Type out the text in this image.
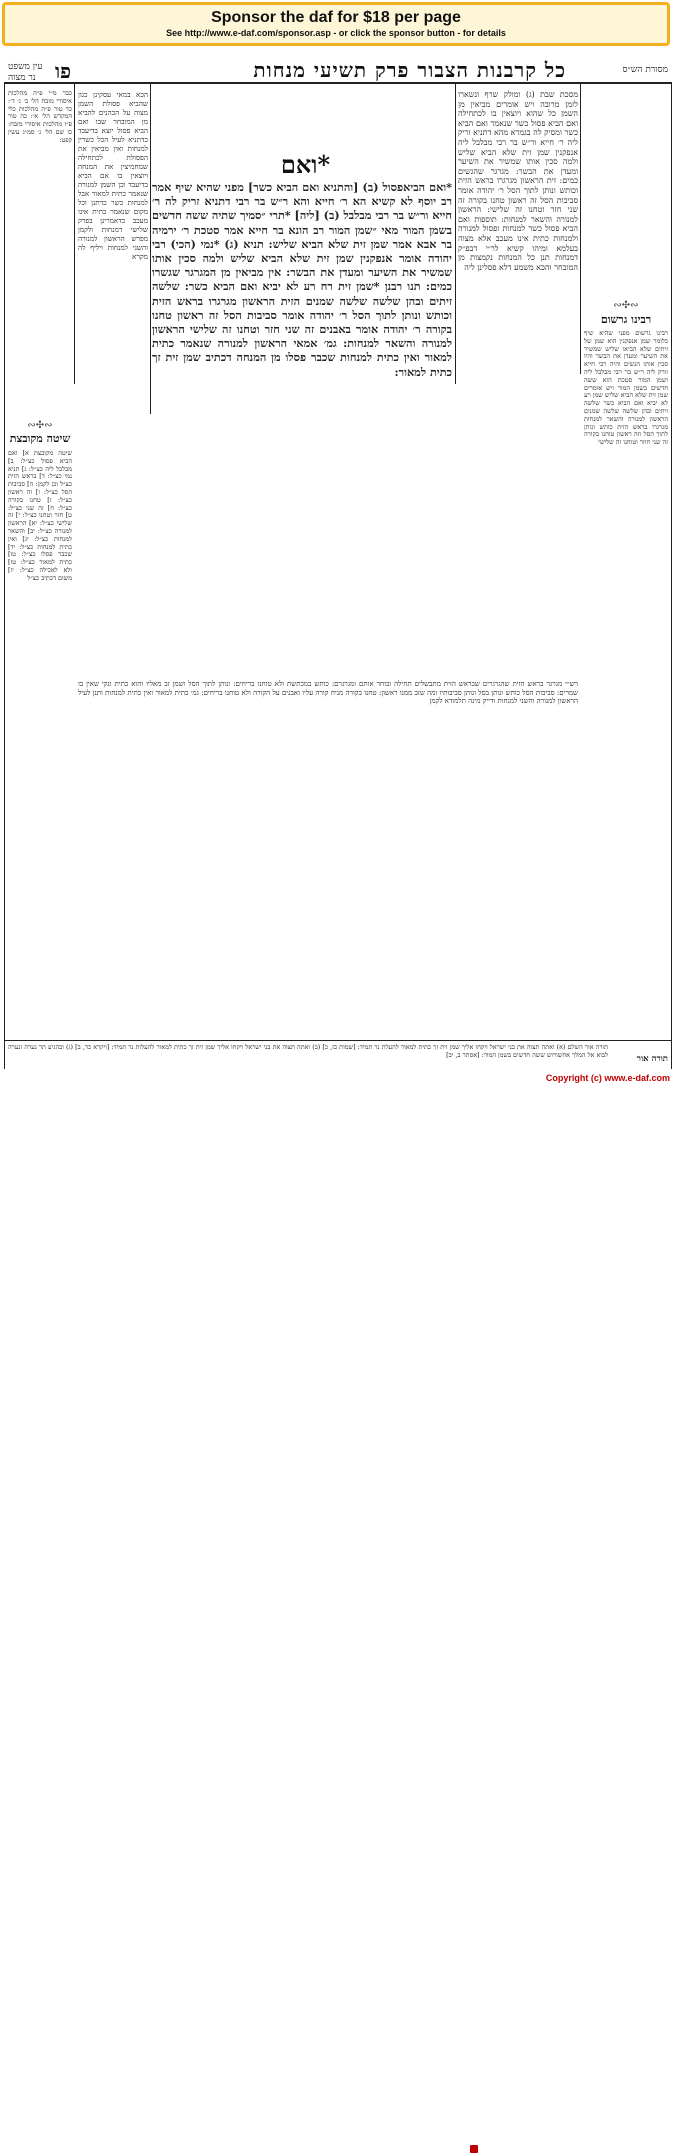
Sponsor the daf for $18 per page
See http://www.e-daf.com/sponsor.asp - or click the sponsor button - for details
כל קרבנות הצבור פרק תשיעי מנחות
פו
עין משפט
נר מצוה
מסורת הש״ס
כבר מ״י פ״ה מהלכות איסורי מזבח הל׳ ב׳ ג׳ ד׳: כד טור פ״ה מהלכות כלי המקדש הל׳ א׳: כה טור פ״ו מהלכות איסורי מזבח: כו שם הל׳ ג׳ סמ״ג עשין קפט:
הכא במאי עסקינן כגון שהביא פסולת השמן מצוה על הכהנים להביא מן המובחר שבו ואם הביא פסול יוצא בדיעבד כדתניא לעיל הכל כשרין למנחות ואין מביאין את הפסולת לכתחילה שמחמיצין את המנחה ויוצאין בו אם הביא בדיעבד וכן השמן למנורה שנאמר כתית למאור אבל למנחות כשר כדתנן וכל מקום שנאמר כתית אינו מעכב כדאמרינן בפרק שלישי דמנחות ולקמן מפרש הראשון למנורה והשני למנחות ויליף לה מקרא
∾✣∾
שיטה מקובצת
שיטה מקובצת א] ואם הביא פסול כצ״ל: ב] מבלבל ליה כצ״ל: ג] תניא נמי כצ״ל: ד] בראש הזית כצ״ל וכן לקמן: ה] סביבות הסל כצ״ל: ו] זה ראשון כצ״ל: ז] טחנו בקורה כצ״ל: ח] זה שני כצ״ל: ט] חזר וטחנו כצ״ל: י] זה שלישי כצ״ל: יא] הראשון למנורה כצ״ל: יב] והשאר למנחות כצ״ל: יג] ואין כתית למנחות כצ״ל: יד] שכבר פסלו כצ״ל: טו] כתית למאור כצ״ל: טז] ולא לאכילה כצ״ל: יז] משום דכתיב כצ״ל
*ואם
*ואם הביאפסול (ב) [והתניא ואם הביא כשר] מפני שהיא שיף אמר רב יוסף לא קשיא הא ר׳ חייא והא ר״ש בר רבי דתניא זריק לה ר׳ חייא ור״ש בר רבי מבלבל (ב) [ליה] *תרי ״סמיך שתיה ששה חדשים בשמן המור מאי ״שמן המור רב הונא בר חייא אמר סטכת ר׳ ירמיה בר אבא אמר שמן זית שלא הביא שליש: תניא (ג) *נמי (הכי) רבי יהודה אומר אנפקנין שמן זית שלא הביא שליש ולמה סכין אותו שמשיר את השיער ומעדן את הבשר: אין מביאין מן המגרגר שגשרו כמים: תנו רבנן *שמן זית רח רע לא יביא ואם הביא כשר: שלשה זיתים ובהן שלשה שלשה שמנים הזית הראשון מגרגרו בראש הזית וכותש ונותן לתוך הסל ר׳ יהודה אומר סביבות הסל זה ראשון טחנו בקורה ר׳ יהודה אומר באבנים זה שני חזר וטחנו זה שלישי הראשון למנורה והשאר למנחות: גמ׳ אמאי הראשון למנורה שנאמר כתית למאור ואין כתית למנחות שכבר פסלו מן המנחה דכתיב שמן זית זך כתית למאור:
מסכת שבת (ג) ומולק שרף ונשארו לזמן מרובה ויש אומרים מביאין מן השמן כל שהוא ויוצאין בו לכתחילה ואם הביא פסול כשר שנאמר ואם הביא כשר ומסיק לה בגמרא מהא דתניא זריק ליה ר׳ חייא ור״ש בר רבי מבלבל ליה אנפקנין שמן זית שלא הביא שליש ולמה סכין אותו שמשיר את השיער ומעדן את הבשר: מגרגר שהגשים כמים: זית הראשון מגרגרו בראש הזית וכותש ונותן לתוך הסל ר׳ יהודה אומר סביבות הסל זה ראשון טחנו בקורה זה שני חזר וטחנו זה שלישי: הראשון למנורה והשאר למנחות: תוספות ואם הביא פסול כשר למנחות ופסול למנורה ולמנחות כתית אינו מעכב אלא מצוה בעלמא ומיהו קשיא לר״י דבפ״ק דמנחות תנן כל המנחות נקמצות מן המובחר והכא משמע דלא פסלינן ליה
∾✣∾
רבינו גרשום
רבינו גרשום מפני שהיא שיף כלומר שמן אנפקנין הוא שמן של זיתים שלא הביאו שליש שמשיר את השיער ומעדן את הבשר והיו סכין אותו הנשים והיה רבי חייא זורק ליה ר״ש בר רבי מבלבל ליה ושמן המור סטכת הוא ששה חדשים בשמן המור ויש אומרים שמן זית שלא הביא שליש שמן רע לא יביא ואם הביא כשר שלשה זיתים ובהן שלשה שלשה שמנים הראשון למנורה והשאר למנחות מגרגרו בראש הזית כותש ונותן לתוך הסל וזה ראשון טוחנו בקורה זה שני חוזר וטוחנו זה שלישי
רש״י מגרגר בראש הזית שהגרגרים שבראש הזית מתבשלים תחילה ובוחר אותם ומגרגרם: כותש במכתשת ולא טוחנו בריחים: ונותן לתוך הסל ושמן זב מאליו והוא כתית ונקי שאין בו שמרים: סביבות הסל כותש ונותן בסל ונותן סביבותיו ומה שזב ממנו ראשון: טחנו בקורה מניח קורה עליו ואבנים על הקורה ולא טוחנו בריחים: גמ׳ כתית למאור ואין כתית למנחות ותנן לעיל הראשון למנורה והשני למנחות ודייק מינה תלמודא לקמן
תורה אור השלם (א) ואתה תצוה את בני ישראל ויקחו אליך שמן זית זך כתית למאור להעלת נר תמיד: [שמות כז, כ] (ב) ואתה תצוה את בני ישראל ויקחו אליך שמן זית זך כתית למאור להעלות נר תמיד: [ויקרא כד, ב] (ג) ובהגיע תר נערה ונערה לבוא אל המלך אחשורוש ששה חדשים בשמן המור: [אסתר ב, יב]	תורה אור
Copyright (c) www.e-daf.com
